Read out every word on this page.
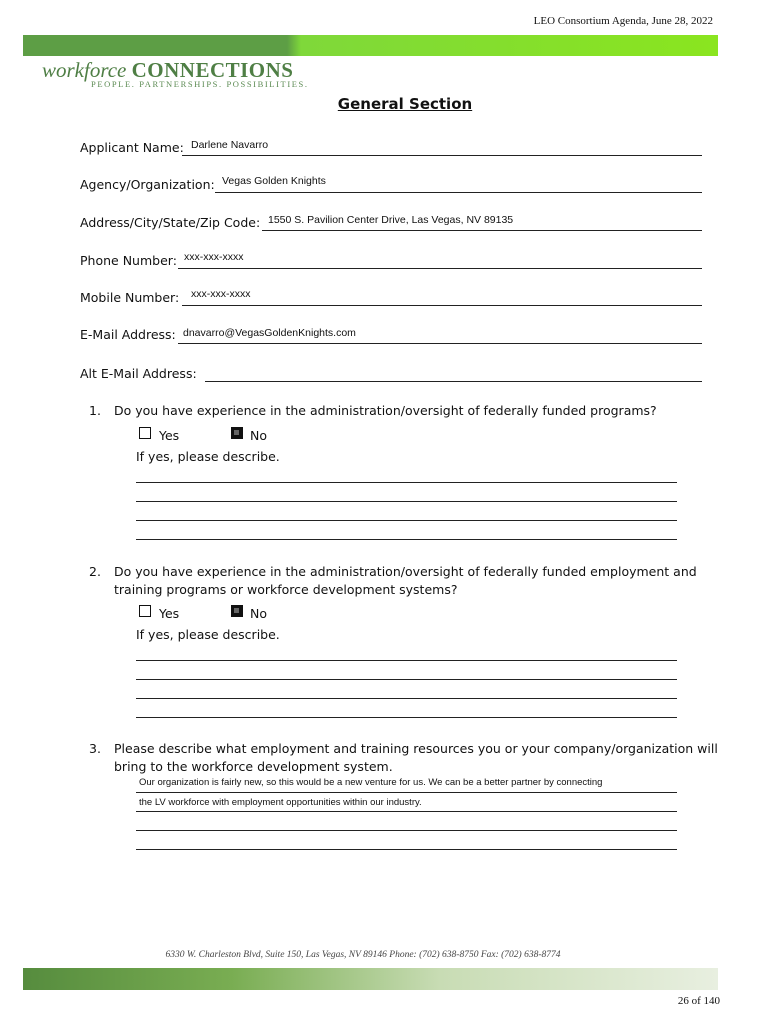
LEO Consortium Agenda, June 28, 2022
workforce CONNECTIONS
PEOPLE. PARTNERSHIPS. POSSIBILITIES.
General Section
Applicant Name: Darlene Navarro
Agency/Organization: Vegas Golden Knights
Address/City/State/Zip Code: 1550 S. Pavilion Center Drive, Las Vegas, NV 89135
Phone Number: xxx-xxx-xxxx
Mobile Number: xxx-xxx-xxxx
E-Mail Address: dnavarro@VegasGoldenKnights.com
Alt E-Mail Address:
1. Do you have experience in the administration/oversight of federally funded programs?
Yes	No
If yes, please describe.
2. Do you have experience in the administration/oversight of federally funded employment and
training programs or workforce development systems?
Yes	No
If yes, please describe.
3. Please describe what employment and training resources you or your company/organization will
bring to the workforce development system.
Our organization is fairly new, so this would be a new venture for us. We can be a better partner by connecting
the LV workforce with employment opportunities within our industry.
6330 W. Charleston Blvd, Suite 150, Las Vegas, NV 89146 Phone: (702) 638-8750 Fax: (702) 638-8774
26 of 140
